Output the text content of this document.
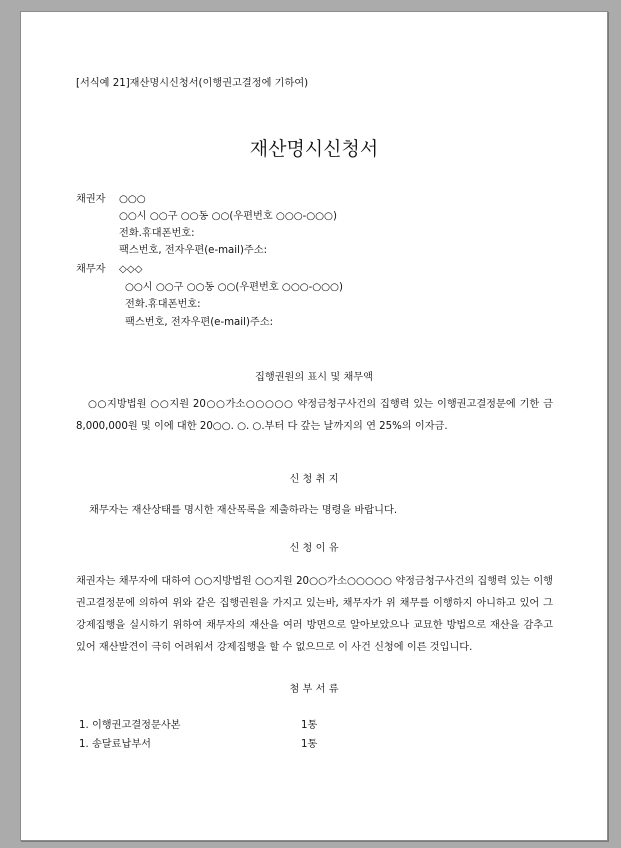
[서식예 21]재산명시신청서(이행권고결정에 기하여)
재산명시신청서
채권자 ○○○
○○시 ○○구 ○○동 ○○(우편번호 ○○○-○○○)
전화.휴대폰번호:
팩스번호, 전자우편(e-mail)주소:
채무자 ◇◇◇
○○시 ○○구 ○○동 ○○(우편번호 ○○○-○○○)
전화.휴대폰번호:
팩스번호, 전자우편(e-mail)주소:
집행권원의 표시 및 채무액
○○지방법원 ○○지원 20○○가소○○○○○ 약정금청구사건의 집행력 있는 이행권고결정문에 기한 금 8,000,000원 및 이에 대한 20○○. ○. ○.부터 다 갚는 날까지의 연 25%의 이자금.
신 청 취 지
채무자는 재산상태를 명시한 재산목록을 제출하라는 명령을 바랍니다.
신 청 이 유
채권자는 채무자에 대하여 ○○지방법원 ○○지원 20○○가소○○○○○ 약정금청구사건의 집행력 있는 이행권고결정문에 의하여 위와 같은 집행권원을 가지고 있는바, 채무자가 위 채무를 이행하지 아니하고 있어 그 강제집행을 실시하기 위하여 채무자의 재산을 여러 방면으로 알아보았으나 교묘한 방법으로 재산을 감추고 있어 재산발견이 극히 어려워서 강제집행을 할 수 없으므로 이 사건 신청에 이른 것입니다.
첨 부 서 류
1. 이행권고결정문사본	1통
1. 송달료납부서	1통
